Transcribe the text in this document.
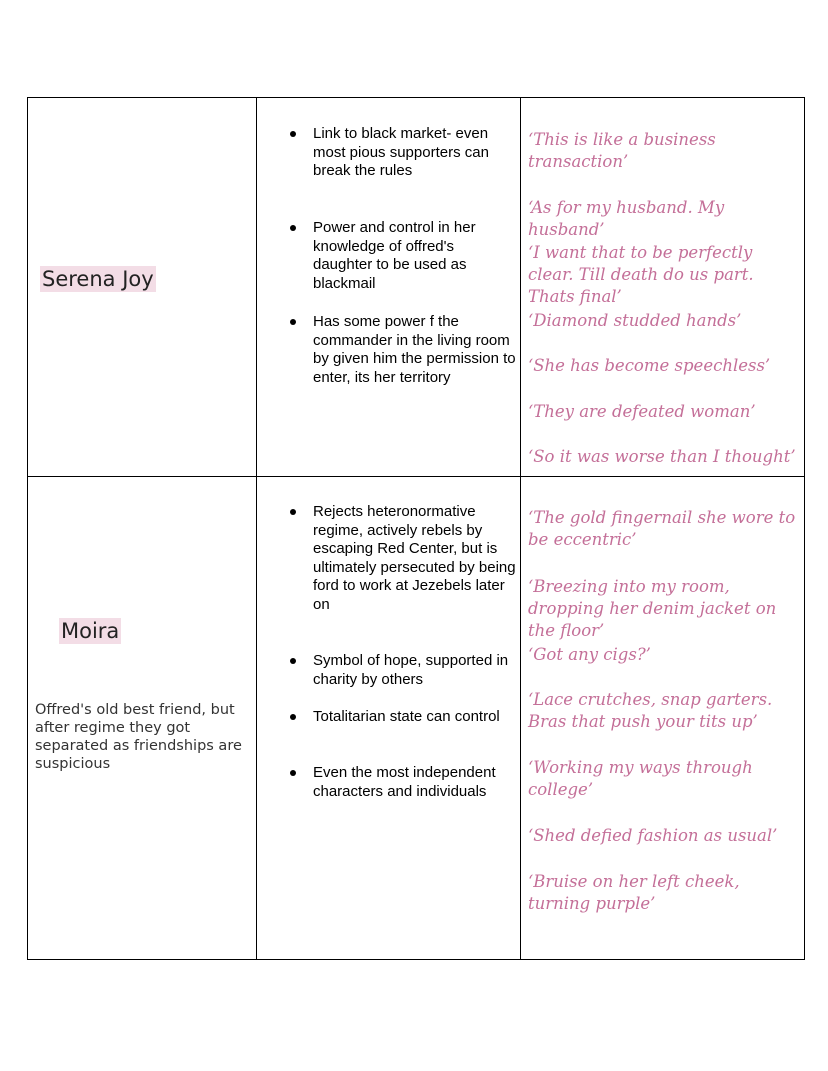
Serena Joy
Link to black market- even most pious supporters can break the rules
Power and control in her knowledge of offred's daughter to be used as blackmail
Has some power f the commander in the living room by given him the permission to enter, its her territory
‘This is like a business transaction’
‘As for my husband. My husband’
‘I want that to be perfectly clear. Till death do us part. Thats final’
‘Diamond studded hands’
‘She has become speechless’
‘They are defeated woman’
‘So it was worse than I thought’
Moira
Offred's old best friend, but after regime they got separated as friendships are suspicious
Rejects heteronormative regime, actively rebels by escaping Red Center, but is ultimately persecuted by being ford to work at Jezebels later on
Symbol of hope, supported in charity by others
Totalitarian state can control
Even the most independent characters and individuals
‘The gold fingernail she wore to be eccentric’
‘Breezing into my room, dropping her denim jacket on the floor’
‘Got any cigs?’
‘Lace crutches, snap garters. Bras that push your tits up’
‘Working my ways through college’
‘Shed defied fashion as usual’
‘Bruise on her left cheek, turning purple’
